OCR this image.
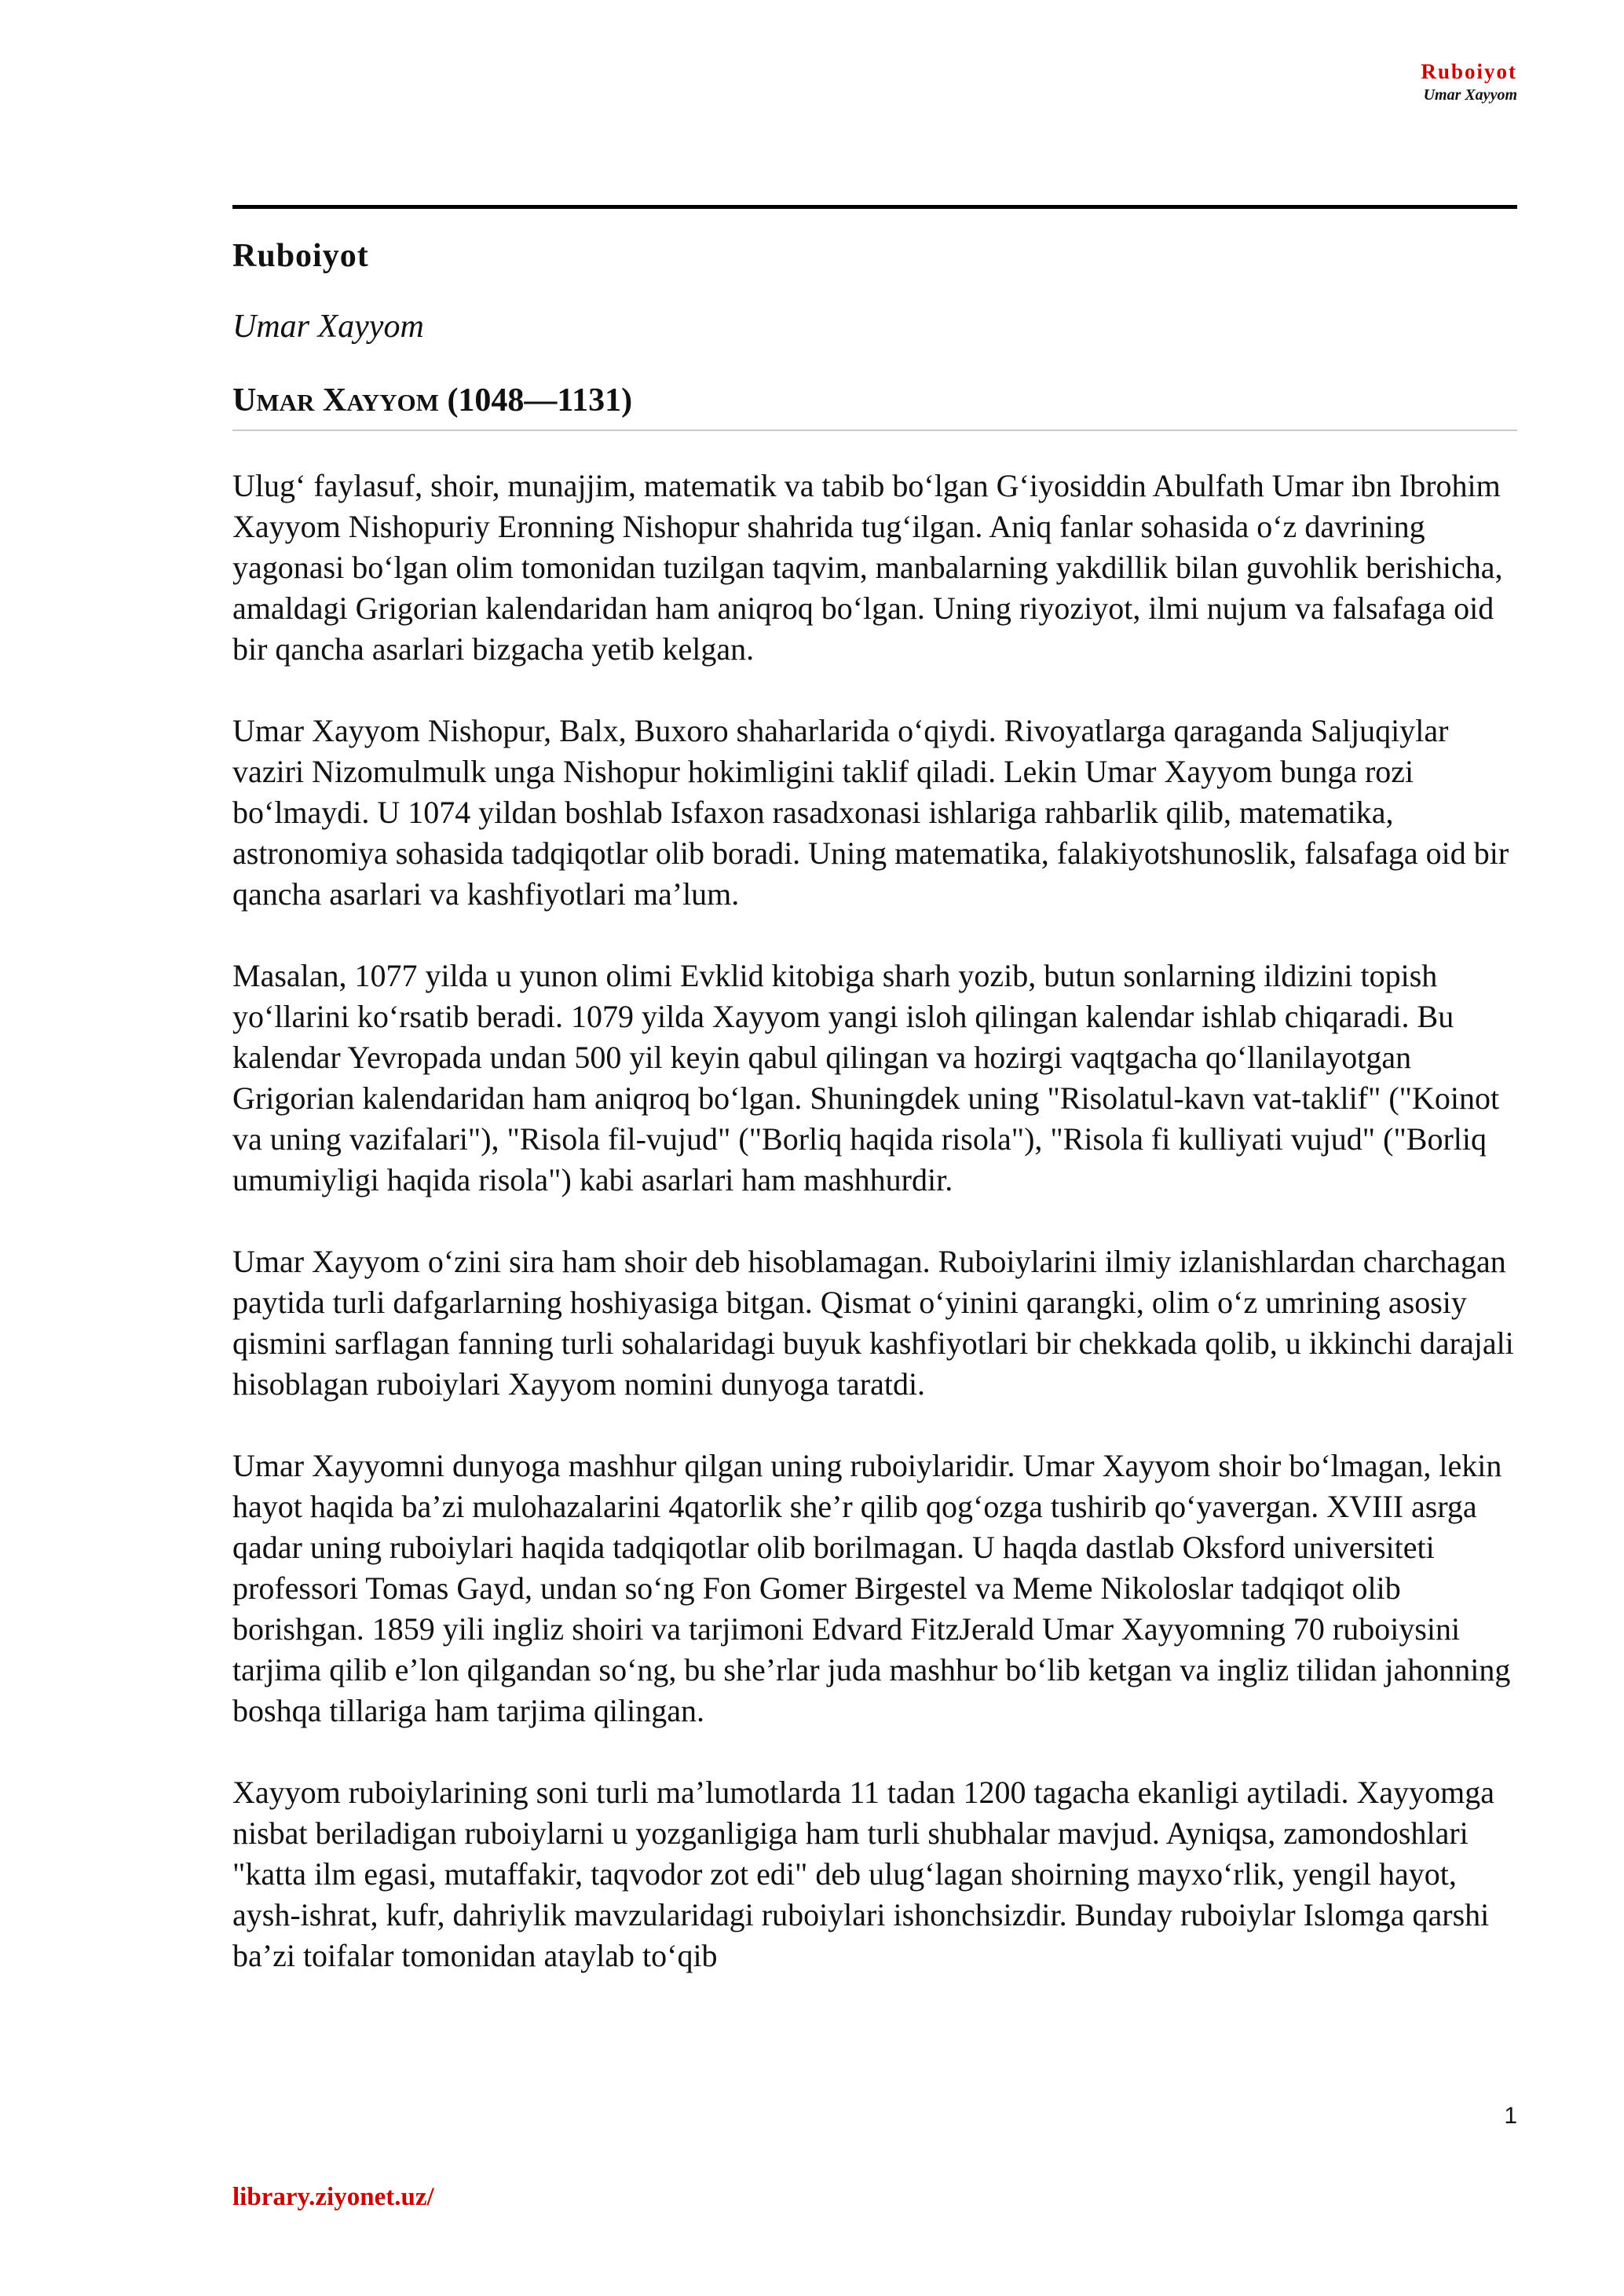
Ruboiyot
Umar Xayyom
Ruboiyot

Umar Xayyom

UMAR XAYYOM (1048—1131)

Ulug‘ faylasuf, shoir, munajjim, matematik va tabib bo‘lgan G‘iyosiddin Abulfath Umar ibn Ibrohim Xayyom Nishopuriy Eronning Nishopur shahrida tug‘ilgan. Aniq fanlar sohasida o‘z davrining yagonasi bo‘lgan olim tomonidan tuzilgan taqvim, manbalarning yakdillik bilan guvohlik berishicha, amaldagi Grigorian kalendaridan ham aniqroq bo‘lgan. Uning riyoziyot, ilmi nujum va falsafaga oid bir qancha asarlari bizgacha yetib kelgan.

Umar Xayyom Nishopur, Balx, Buxoro shaharlarida o‘qiydi. Rivoyatlarga qaraganda Saljuqiylar vaziri Nizomulmulk unga Nishopur hokimligini taklif qiladi. Lekin Umar Xayyom bunga rozi bo‘lmaydi. U 1074 yildan boshlab Isfaxon rasadxonasi ishlariga rahbarlik qilib, matematika, astronomiya sohasida tadqiqotlar olib boradi. Uning matematika, falakiyotshunoslik, falsafaga oid bir qancha asarlari va kashfiyotlari ma’lum.

Masalan, 1077 yilda u yunon olimi Evklid kitobiga sharh yozib, butun sonlarning ildizini topish yo‘llarini ko‘rsatib beradi. 1079 yilda Xayyom yangi isloh qilingan kalendar ishlab chiqaradi. Bu kalendar Yevropada undan 500 yil keyin qabul qilingan va hozirgi vaqtgacha qo‘llanilayotgan Grigorian kalendaridan ham aniqroq bo‘lgan. Shuningdek uning "Risolatul-kavn vat-taklif" ("Koinot va uning vazifalari"), "Risola fil-vujud" ("Borliq haqida risola"), "Risola fi kulliyati vujud" ("Borliq umumiyligi haqida risola") kabi asarlari ham mashhurdir.

Umar Xayyom o‘zini sira ham shoir deb hisoblamagan. Ruboiylarini ilmiy izlanishlardan charchagan paytida turli dafgarlarning hoshiyasiga bitgan. Qismat o‘yinini qarangki, olim o‘z umrining asosiy qismini sarflagan fanning turli sohalaridagi buyuk kashfiyotlari bir chekkada qolib, u ikkinchi darajali hisoblagan ruboiylari Xayyom nomini dunyoga taratdi.

Umar Xayyomni dunyoga mashhur qilgan uning ruboiylaridir. Umar Xayyom shoir bo‘lmagan, lekin hayot haqida ba’zi mulohazalarini 4qatorlik she’r qilib qog‘ozga tushirib qo‘yavergan. XVIII asrga qadar uning ruboiylari haqida tadqiqotlar olib borilmagan. U haqda dastlab Oksford universiteti professori Tomas Gayd, undan so‘ng Fon Gomer Birgestel va Meme Nikoloslar tadqiqot olib borishgan. 1859 yili ingliz shoiri va tarjimoni Edvard FitzJerald Umar Xayyomning 70 ruboiysini tarjima qilib e’lon qilgandan so‘ng, bu she’rlar juda mashhur bo‘lib ketgan va ingliz tilidan jahonning boshqa tillariga ham tarjima qilingan.

Xayyom ruboiylarining soni turli ma’lumotlarda 11 tadan 1200 tagacha ekanligi aytiladi. Xayyomga nisbat beriladigan ruboiylarni u yozganligiga ham turli shubhalar mavjud. Ayniqsa, zamondoshlari "katta ilm egasi, mutaffakir, taqvodor zot edi" deb ulug‘lagan shoirning mayxo‘rlik, yengil hayot, aysh-ishrat, kufr, dahriylik mavzularidagi ruboiylari ishonchsizdir. Bunday ruboiylar Islomga qarshi ba’zi toifalar tomonidan ataylab to‘qib

1
library.ziyonet.uz/
